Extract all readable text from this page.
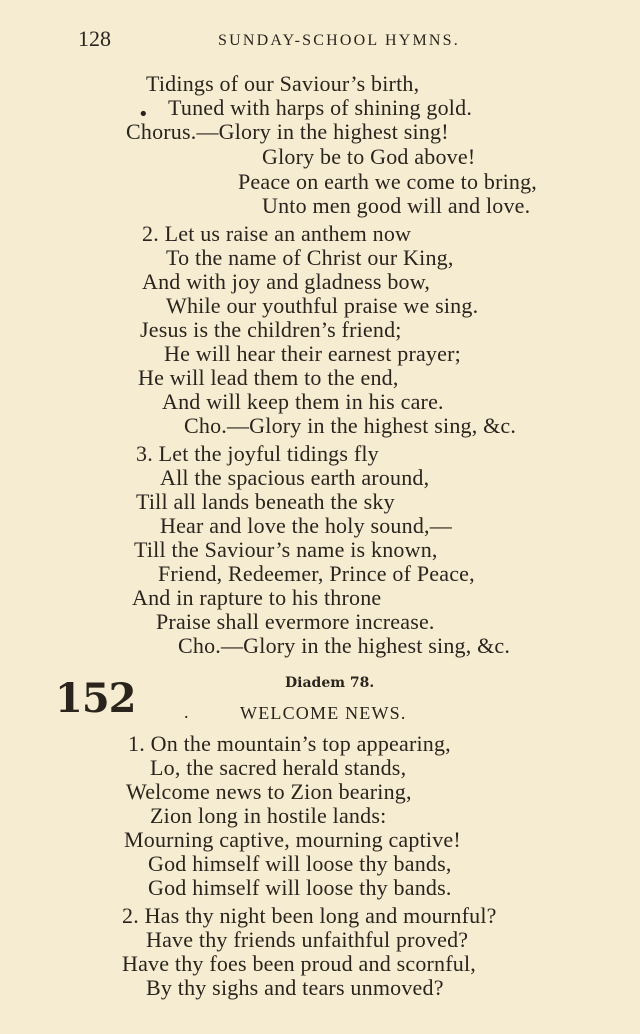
128	SUNDAY-SCHOOL HYMNS.
•
Tidings of our Saviour’s birth,
Tuned with harps of shining gold.
Chorus.—Glory in the highest sing!
Glory be to God above!
Peace on earth we come to bring,
Unto men good will and love.
2. Let us raise an anthem now
To the name of Christ our King,
And with joy and gladness bow,
While our youthful praise we sing.
Jesus is the children’s friend;
He will hear their earnest prayer;
He will lead them to the end,
And will keep them in his care.
Cho.—Glory in the highest sing, &c.
3. Let the joyful tidings fly
All the spacious earth around,
Till all lands beneath the sky
Hear and love the holy sound,—
Till the Saviour’s name is known,
Friend, Redeemer, Prince of Peace,
And in rapture to his throne
Praise shall evermore increase.
Cho.—Glory in the highest sing, &c.
152	Diadem 78.
.	WELCOME NEWS.
1. On the mountain’s top appearing,
Lo, the sacred herald stands,
Welcome news to Zion bearing,
Zion long in hostile lands:
Mourning captive, mourning captive!
God himself will loose thy bands,
God himself will loose thy bands.
2. Has thy night been long and mournful?
Have thy friends unfaithful proved?
Have thy foes been proud and scornful,
By thy sighs and tears unmoved?
